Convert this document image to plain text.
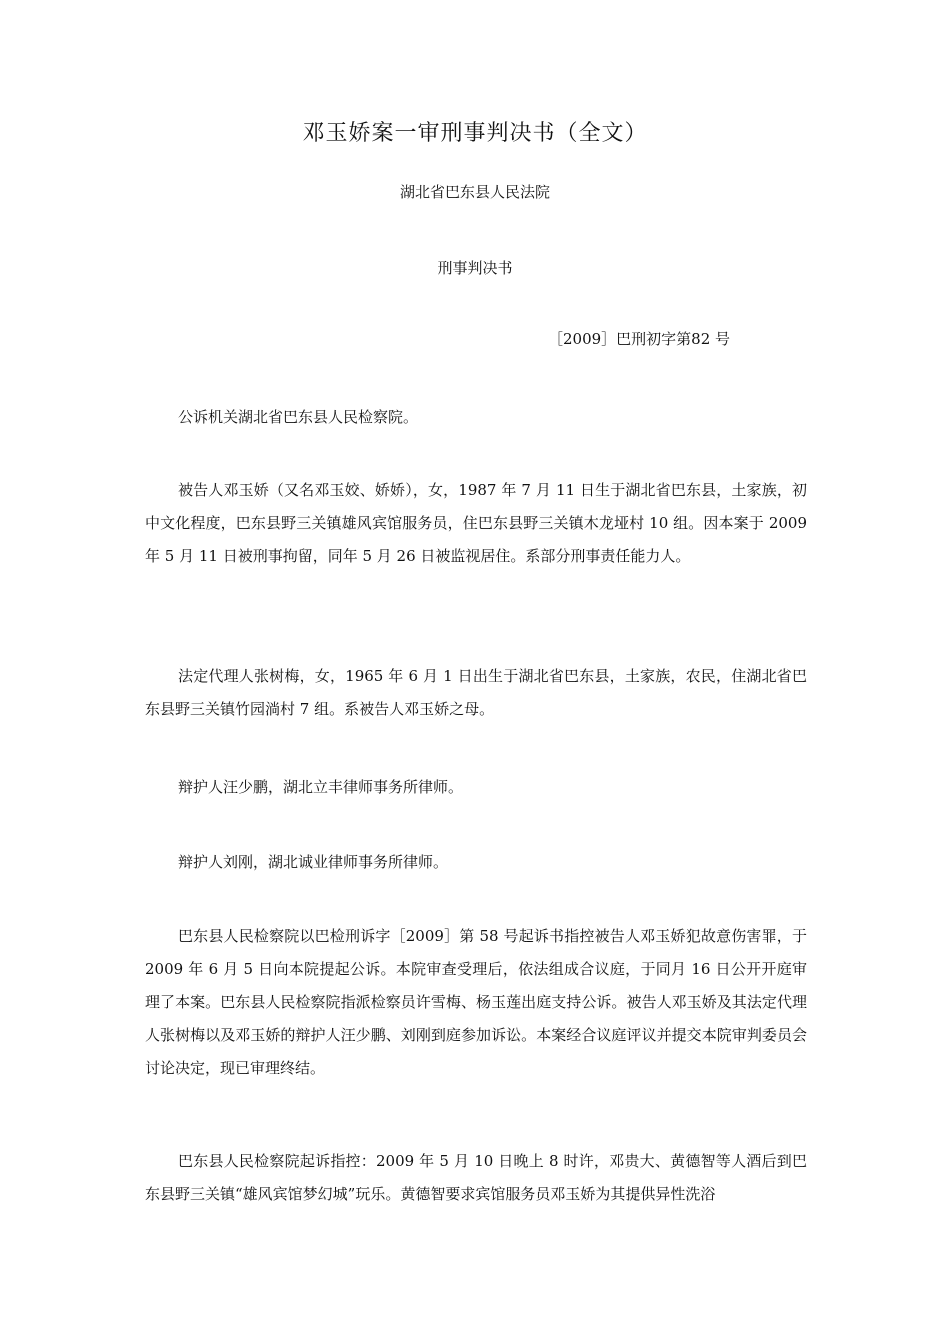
邓玉娇案一审刑事判决书（全文）
湖北省巴东县人民法院
刑事判决书
［2009］巴刑初字第82 号
公诉机关湖北省巴东县人民检察院。
被告人邓玉娇（又名邓玉姣、娇娇），女，1987 年 7 月 11 日生于湖北省巴东县，土家族，初中文化程度，巴东县野三关镇雄风宾馆服务员，住巴东县野三关镇木龙垭村 10 组。因本案于 2009 年 5 月 11 日被刑事拘留，同年 5 月 26 日被监视居住。系部分刑事责任能力人。
法定代理人张树梅，女，1965 年 6 月 1 日出生于湖北省巴东县，土家族，农民，住湖北省巴东县野三关镇竹园淌村 7 组。系被告人邓玉娇之母。
辩护人汪少鹏，湖北立丰律师事务所律师。
辩护人刘刚，湖北诚业律师事务所律师。
巴东县人民检察院以巴检刑诉字［2009］第 58 号起诉书指控被告人邓玉娇犯故意伤害罪，于 2009 年 6 月 5 日向本院提起公诉。本院审查受理后，依法组成合议庭，于同月 16 日公开开庭审理了本案。巴东县人民检察院指派检察员许雪梅、杨玉莲出庭支持公诉。被告人邓玉娇及其法定代理人张树梅以及邓玉娇的辩护人汪少鹏、刘刚到庭参加诉讼。本案经合议庭评议并提交本院审判委员会讨论决定，现已审理终结。
巴东县人民检察院起诉指控：2009 年 5 月 10 日晚上 8 时许，邓贵大、黄德智等人酒后到巴东县野三关镇“雄风宾馆梦幻城”玩乐。黄德智要求宾馆服务员邓玉娇为其提供异性洗浴
